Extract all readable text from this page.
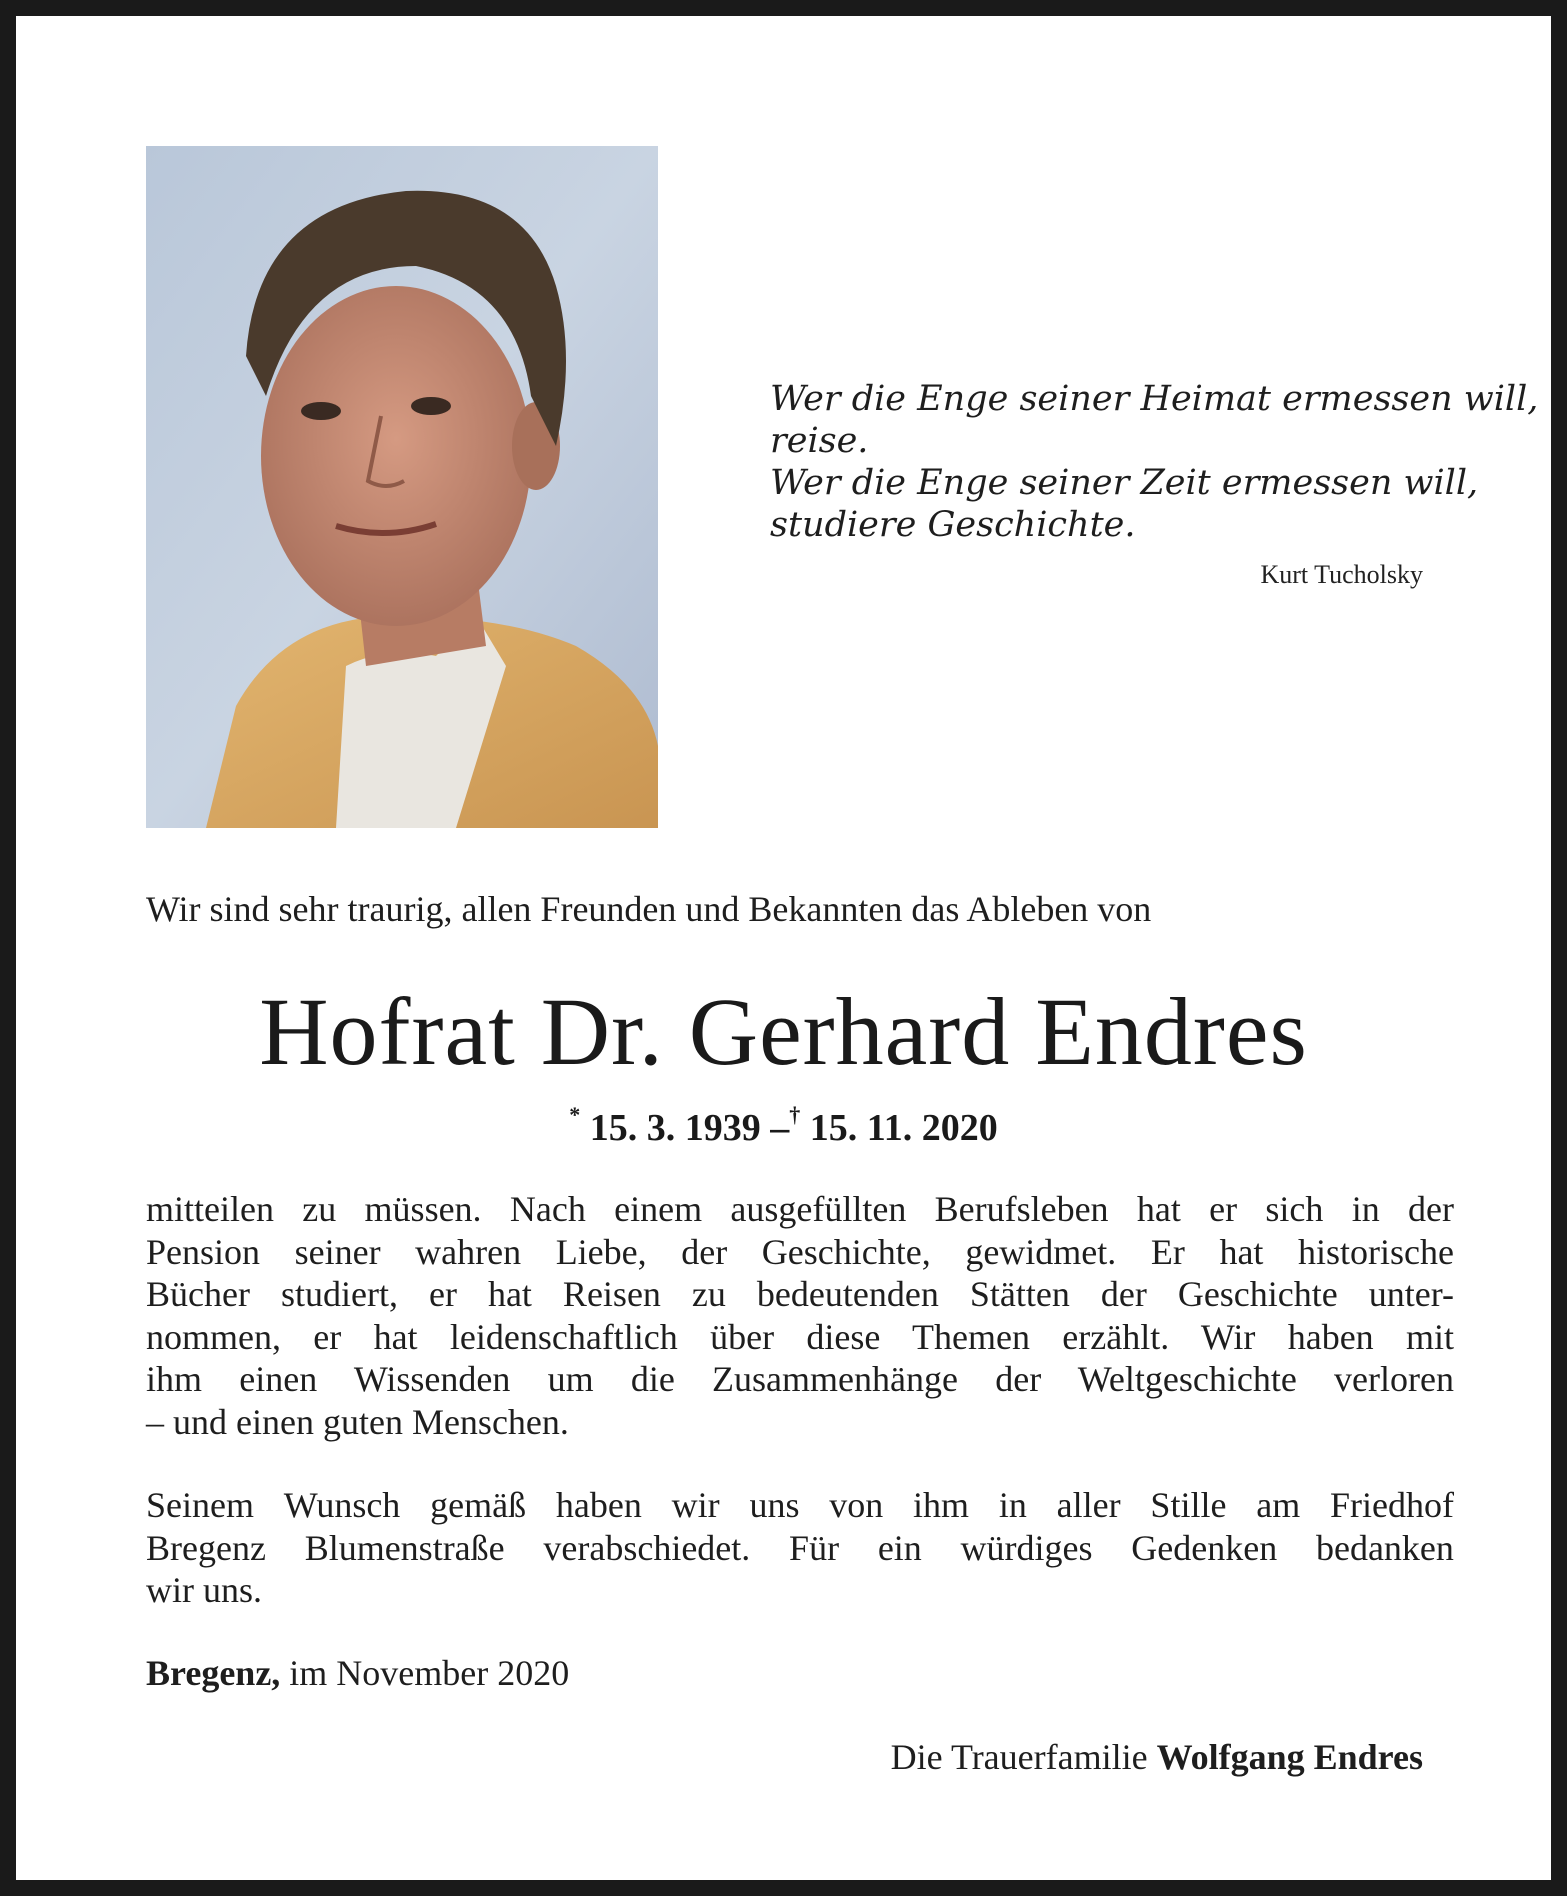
Wer die Enge seiner Heimat ermessen will,
reise.
Wer die Enge seiner Zeit ermessen will,
studiere Geschichte.
Kurt Tucholsky
Wir sind sehr traurig, allen Freunden und Bekannten das Ableben von
Hofrat Dr. Gerhard Endres
* 15. 3. 1939 –† 15. 11. 2020
mitteilen zu müssen. Nach einem ausgefüllten Berufsleben hat er sich in der
Pension seiner wahren Liebe, der Geschichte, gewidmet. Er hat historische
Bücher studiert, er hat Reisen zu bedeutenden Stätten der Geschichte unter-
nommen, er hat leidenschaftlich über diese Themen erzählt. Wir haben mit
ihm einen Wissenden um die Zusammenhänge der Weltgeschichte verloren
– und einen guten Menschen.
Seinem Wunsch gemäß haben wir uns von ihm in aller Stille am Friedhof
Bregenz Blumenstraße verabschiedet. Für ein würdiges Gedenken bedanken
wir uns.
Bregenz, im November 2020
Die Trauerfamilie Wolfgang Endres
